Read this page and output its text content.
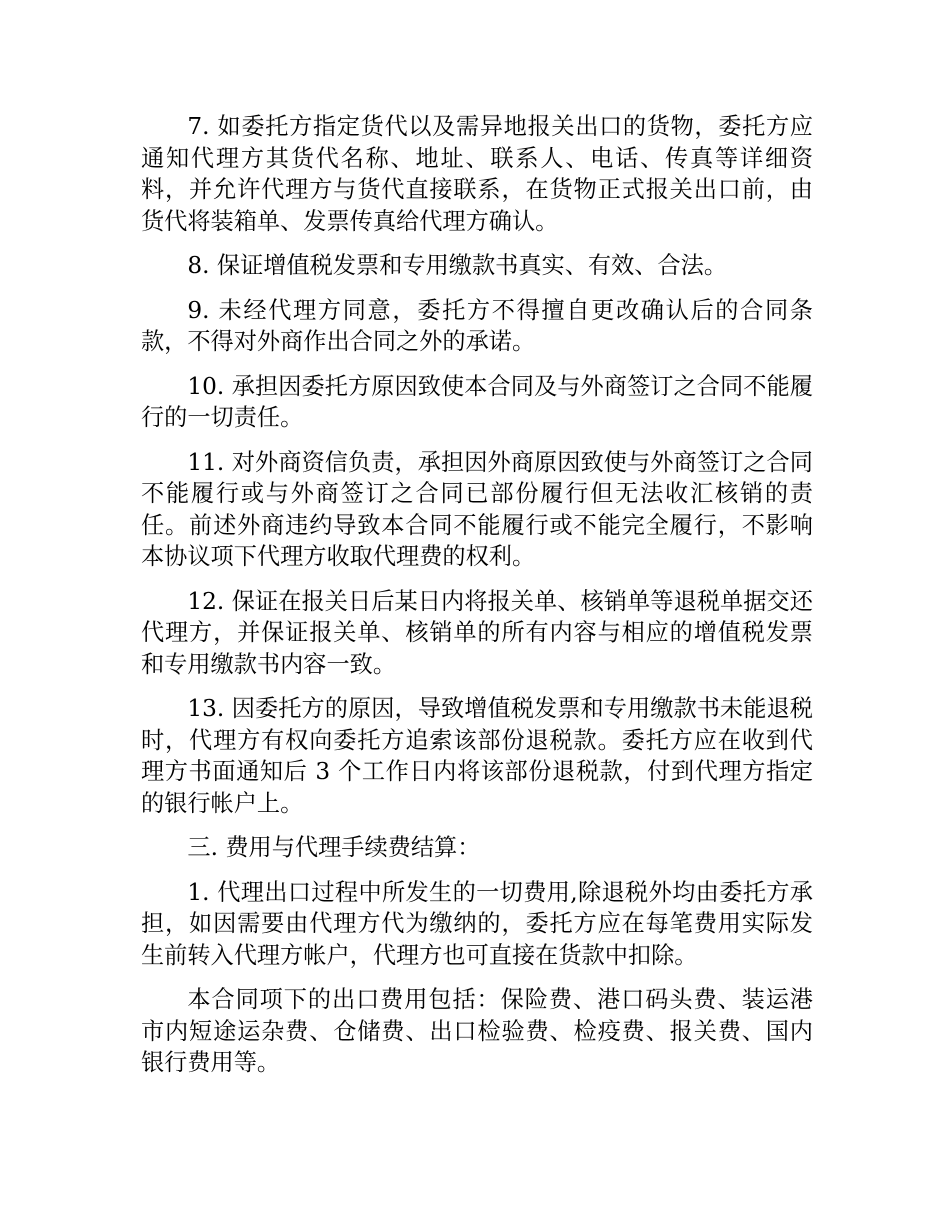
7. 如委托方指定货代以及需异地报关出口的货物，委托方应通知代理方其货代名称、地址、联系人、电话、传真等详细资料，并允许代理方与货代直接联系，在货物正式报关出口前，由货代将装箱单、发票传真给代理方确认。

8. 保证增值税发票和专用缴款书真实、有效、合法。

9. 未经代理方同意，委托方不得擅自更改确认后的合同条款，不得对外商作出合同之外的承诺。

10. 承担因委托方原因致使本合同及与外商签订之合同不能履行的一切责任。

11. 对外商资信负责，承担因外商原因致使与外商签订之合同不能履行或与外商签订之合同已部份履行但无法收汇核销的责任。前述外商违约导致本合同不能履行或不能完全履行，不影响本协议项下代理方收取代理费的权利。

12. 保证在报关日后某日内将报关单、核销单等退税单据交还代理方，并保证报关单、核销单的所有内容与相应的增值税发票和专用缴款书内容一致。

13. 因委托方的原因，导致增值税发票和专用缴款书未能退税时，代理方有权向委托方追索该部份退税款。委托方应在收到代理方书面通知后 3 个工作日内将该部份退税款，付到代理方指定的银行帐户上。

三. 费用与代理手续费结算：

1. 代理出口过程中所发生的一切费用,除退税外均由委托方承担，如因需要由代理方代为缴纳的，委托方应在每笔费用实际发生前转入代理方帐户，代理方也可直接在货款中扣除。

本合同项下的出口费用包括：保险费、港口码头费、装运港市内短途运杂费、仓储费、出口检验费、检疫费、报关费、国内银行费用等。
